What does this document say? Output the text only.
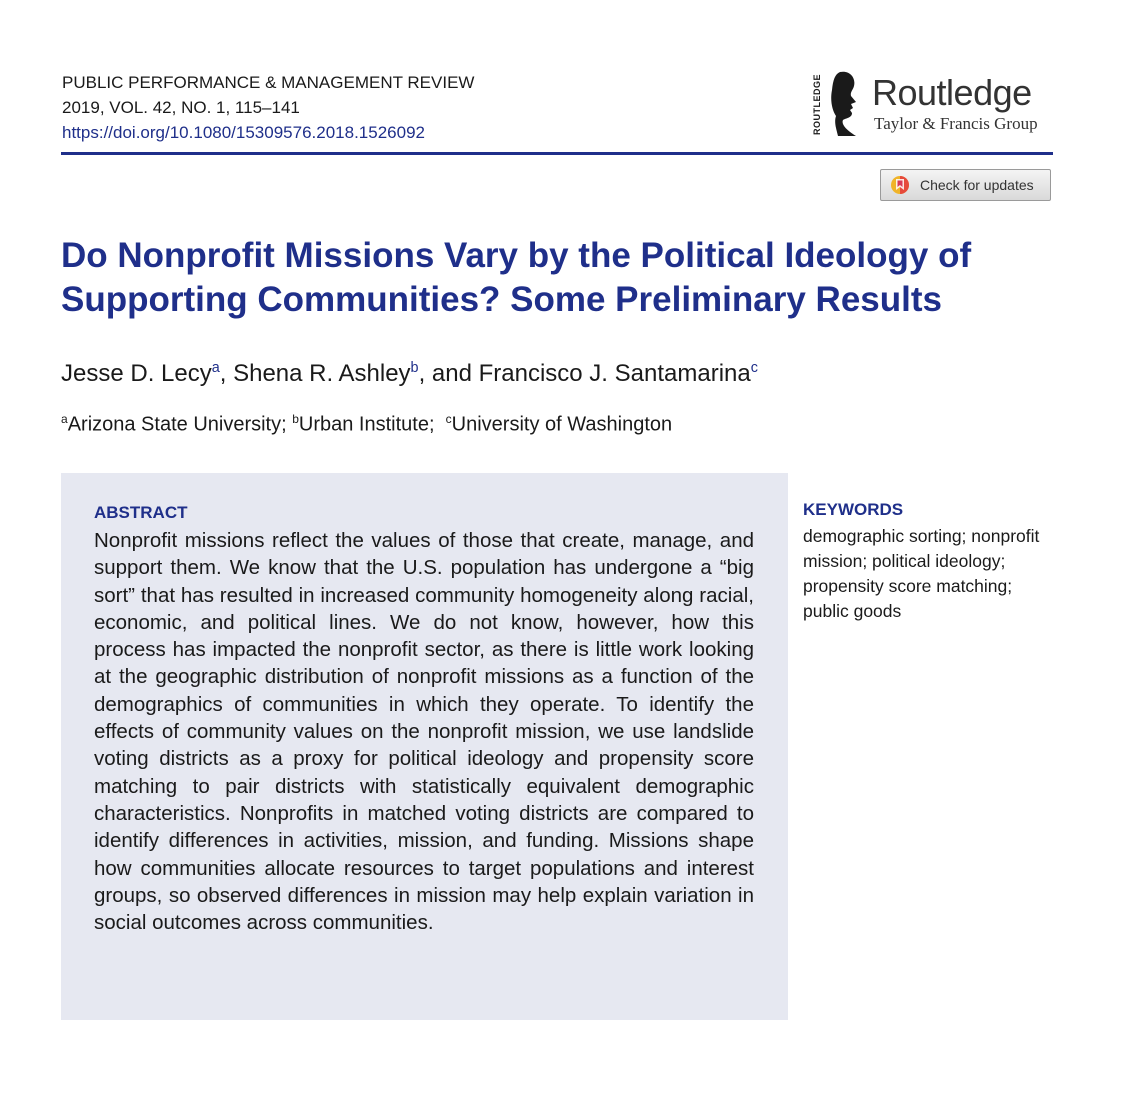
PUBLIC PERFORMANCE & MANAGEMENT REVIEW
2019, VOL. 42, NO. 1, 115–141
https://doi.org/10.1080/15309576.2018.1526092	ROUTLEDGE Routledge
Taylor & Francis Group
Check for updates
Do Nonprofit Missions Vary by the Political Ideology of Supporting Communities? Some Preliminary Results
Jesse D. Lecy$^a$, Shena R. Ashley$^b$, and Francisco J. Santamarina$^c$
$^a$Arizona State University; $^b$Urban Institute;  $^c$University of Washington
ABSTRACT

Nonprofit missions reflect the values of those that create, manage, and support them. We know that the U.S. population has undergone a “big sort” that has resulted in increased community homogeneity along racial, economic, and political lines. We do not know, however, how this process has impacted the nonprofit sector, as there is little work looking at the geographic distribution of nonprofit missions as a function of the demographics of communities in which they operate. To identify the effects of community values on the nonprofit mission, we use landslide voting districts as a proxy for political ideology and propensity score matching to pair districts with statistically equivalent demographic characteristics. Nonprofits in matched voting districts are compared to identify differences in activities, mission, and funding. Missions shape how communities allocate resources to target populations and interest groups, so observed differences in mission may help explain variation in social outcomes across communities.

KEYWORDS

demographic sorting; nonprofit mission; political ideology; propensity score matching; public goods
